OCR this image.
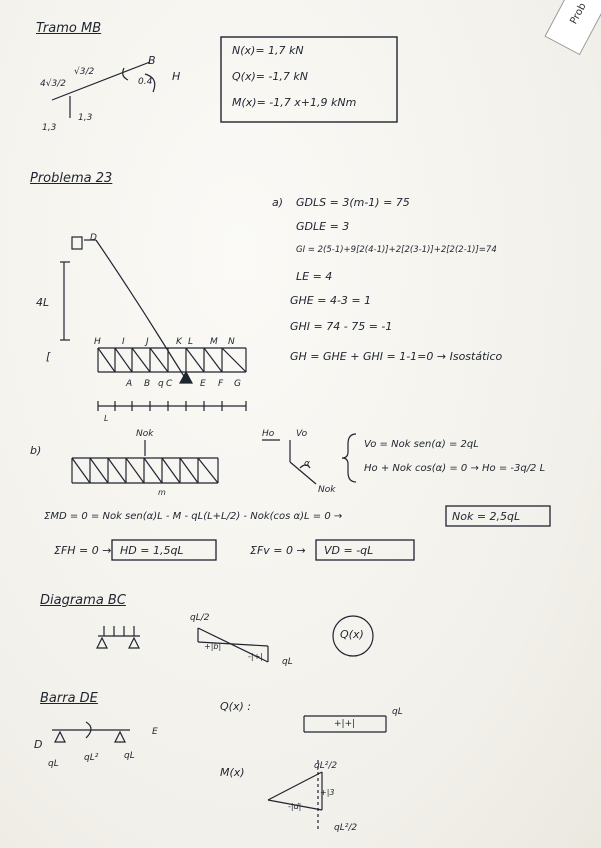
Prob
Tramo MB
4√3/2
√3/2
B
0.4 H
1,3
1,3
N(x)= 1,7 kN
Q(x)= -1,7 kN
M(x)= -1,7 x+1,9 kNm
Problema 23
a) GDLS = 3(m-1) = 75
GDLE = 3
GI = 2(5-1)+9[2(4-1)]+2[2(3-1)]+2[2(2-1)]=74
LE = 4
GHE = 4-3 = 1
GHI = 74 - 75 = -1
GH = GHE + GHI = 1-1=0 → Isostático
4L
D
[
H I J	K L M N
A B C	E F G
q
L
b)
Nok
m
Ho Vo
α
Nok
Vo = Nok sen(α) = 2qL
Ho + Nok cos(α) = 0 → Ho = -3q/2 L
ΣMD = 0 = Nok sen(α)L - M - qL(L+L/2) - Nok(cos α)L = 0 →	Nok = 2,5qL
ΣFH = 0 → HD = 1,5qL	ΣFv = 0 → VD = -qL
Diagrama BC
qL/2
+|b|
-|+|
qL
Q(x)
Barra DE
D
E
qL
qL²	qL
Q(x) :
+|+|
qL
M(x)	qL²/2
+|3
-|d|
qL²/2
